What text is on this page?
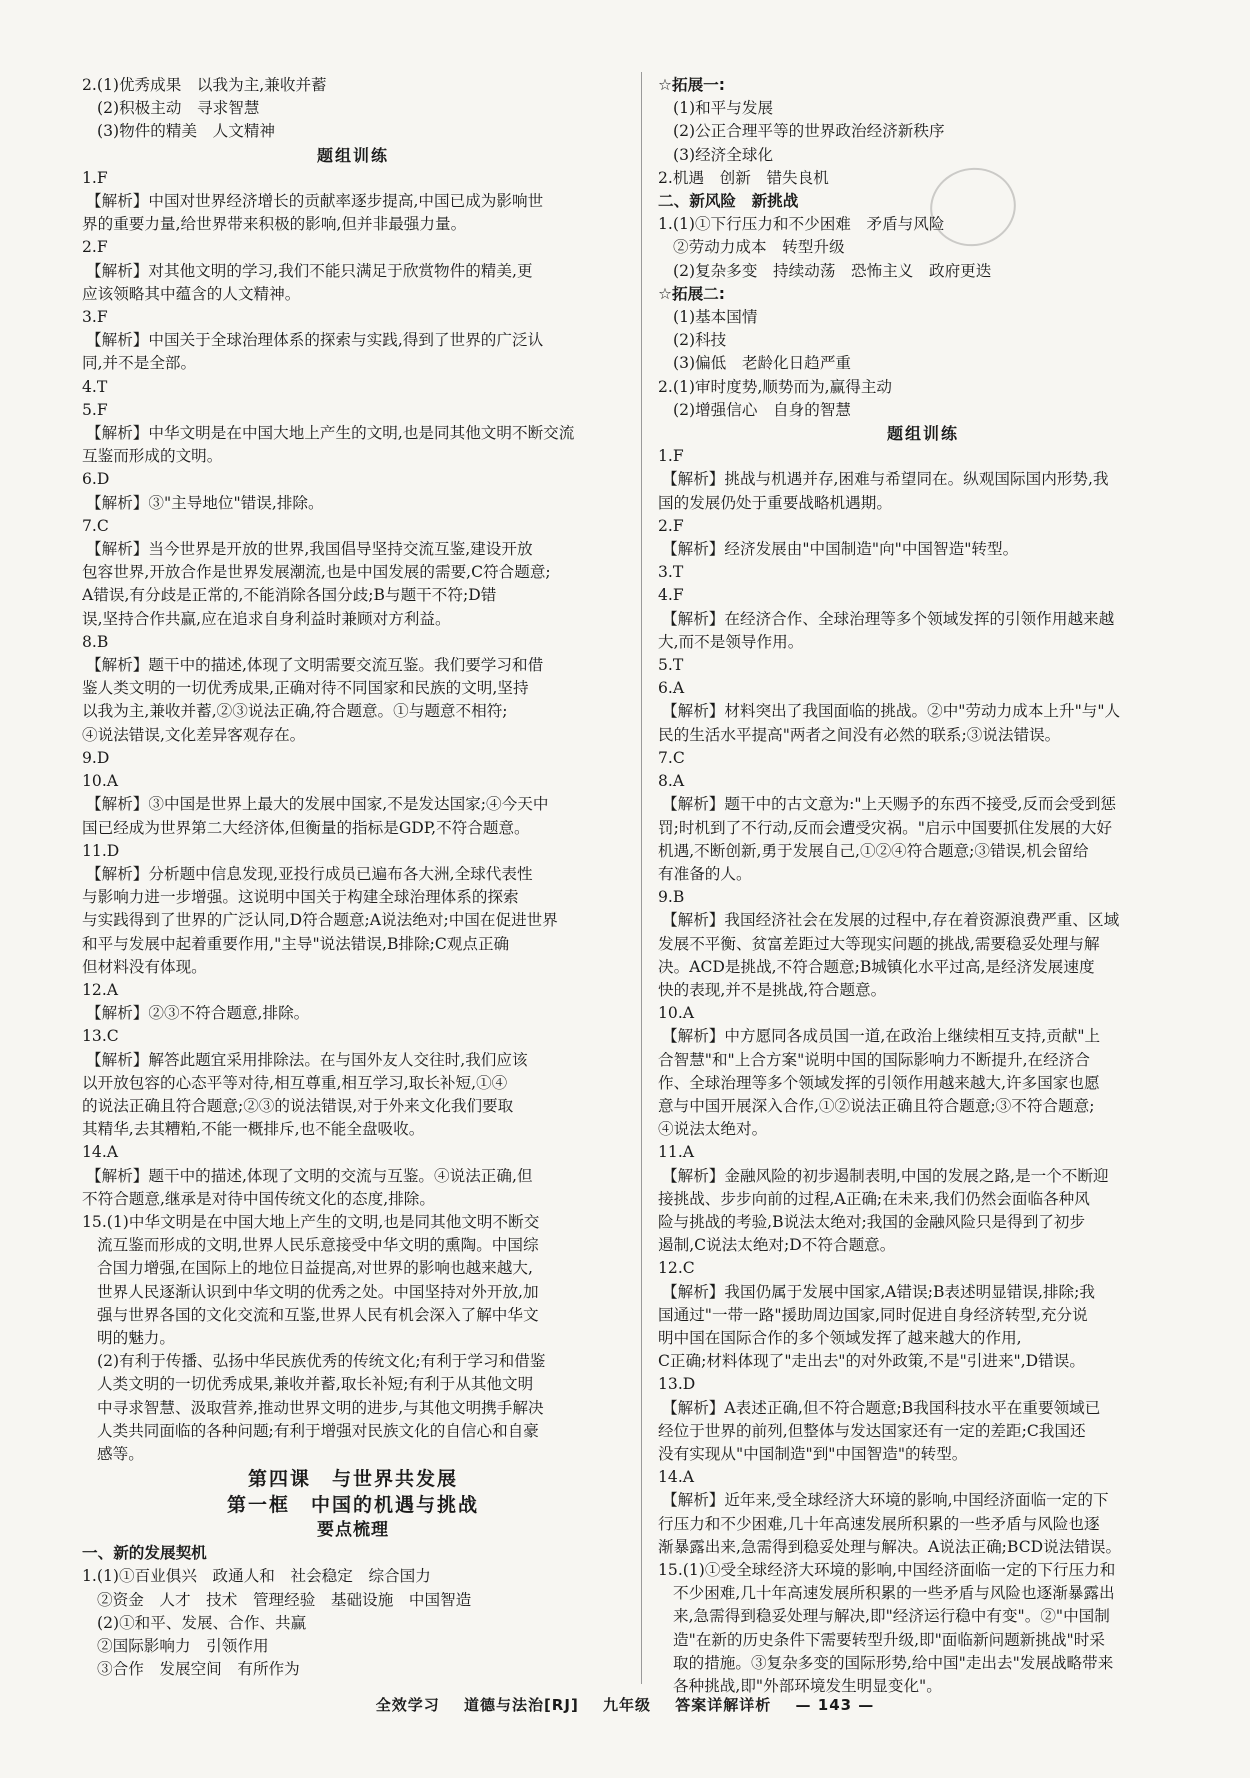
2.(1)优秀成果　以我为主,兼收并蓄
(2)积极主动　寻求智慧
(3)物件的精美　人文精神
题组训练
1.F
【解析】中国对世界经济增长的贡献率逐步提高,中国已成为影响世
界的重要力量,给世界带来积极的影响,但并非最强力量。
2.F
【解析】对其他文明的学习,我们不能只满足于欣赏物件的精美,更
应该领略其中蕴含的人文精神。
3.F
【解析】中国关于全球治理体系的探索与实践,得到了世界的广泛认
同,并不是全部。
4.T
5.F
【解析】中华文明是在中国大地上产生的文明,也是同其他文明不断交流
互鉴而形成的文明。
6.D
【解析】③"主导地位"错误,排除。
7.C
【解析】当今世界是开放的世界,我国倡导坚持交流互鉴,建设开放
包容世界,开放合作是世界发展潮流,也是中国发展的需要,C符合题意;
A错误,有分歧是正常的,不能消除各国分歧;B与题干不符;D错
误,坚持合作共赢,应在追求自身利益时兼顾对方利益。
8.B
【解析】题干中的描述,体现了文明需要交流互鉴。我们要学习和借
鉴人类文明的一切优秀成果,正确对待不同国家和民族的文明,坚持
以我为主,兼收并蓄,②③说法正确,符合题意。①与题意不相符;
④说法错误,文化差异客观存在。
9.D
10.A
【解析】③中国是世界上最大的发展中国家,不是发达国家;④今天中
国已经成为世界第二大经济体,但衡量的指标是GDP,不符合题意。
11.D
【解析】分析题中信息发现,亚投行成员已遍布各大洲,全球代表性
与影响力进一步增强。这说明中国关于构建全球治理体系的探索
与实践得到了世界的广泛认同,D符合题意;A说法绝对;中国在促进世界
和平与发展中起着重要作用,"主导"说法错误,B排除;C观点正确
但材料没有体现。
12.A
【解析】②③不符合题意,排除。
13.C
【解析】解答此题宜采用排除法。在与国外友人交往时,我们应该
以开放包容的心态平等对待,相互尊重,相互学习,取长补短,①④
的说法正确且符合题意;②③的说法错误,对于外来文化我们要取
其精华,去其糟粕,不能一概排斥,也不能全盘吸收。
14.A
【解析】题干中的描述,体现了文明的交流与互鉴。④说法正确,但
不符合题意,继承是对待中国传统文化的态度,排除。
15.(1)中华文明是在中国大地上产生的文明,也是同其他文明不断交
流互鉴而形成的文明,世界人民乐意接受中华文明的熏陶。中国综
合国力增强,在国际上的地位日益提高,对世界的影响也越来越大,
世界人民逐渐认识到中华文明的优秀之处。中国坚持对外开放,加
强与世界各国的文化交流和互鉴,世界人民有机会深入了解中华文
明的魅力。
(2)有利于传播、弘扬中华民族优秀的传统文化;有利于学习和借鉴
人类文明的一切优秀成果,兼收并蓄,取长补短;有利于从其他文明
中寻求智慧、汲取营养,推动世界文明的进步,与其他文明携手解决
人类共同面临的各种问题;有利于增强对民族文化的自信心和自豪
感等。
第四课　与世界共发展
第一框　中国的机遇与挑战
要点梳理
一、新的发展契机
1.(1)①百业俱兴　政通人和　社会稳定　综合国力
②资金　人才　技术　管理经验　基础设施　中国智造
(2)①和平、发展、合作、共赢
②国际影响力　引领作用
③合作　发展空间　有所作为
☆拓展一:
(1)和平与发展
(2)公正合理平等的世界政治经济新秩序
(3)经济全球化
2.机遇　创新　错失良机
二、新风险　新挑战
1.(1)①下行压力和不少困难　矛盾与风险
②劳动力成本　转型升级
(2)复杂多变　持续动荡　恐怖主义　政府更迭
☆拓展二:
(1)基本国情
(2)科技
(3)偏低　老龄化日趋严重
2.(1)审时度势,顺势而为,赢得主动
(2)增强信心　自身的智慧
题组训练
1.F
【解析】挑战与机遇并存,困难与希望同在。纵观国际国内形势,我
国的发展仍处于重要战略机遇期。
2.F
【解析】经济发展由"中国制造"向"中国智造"转型。
3.T
4.F
【解析】在经济合作、全球治理等多个领域发挥的引领作用越来越
大,而不是领导作用。
5.T
6.A
【解析】材料突出了我国面临的挑战。②中"劳动力成本上升"与"人
民的生活水平提高"两者之间没有必然的联系;③说法错误。
7.C
8.A
【解析】题干中的古文意为:"上天赐予的东西不接受,反而会受到惩
罚;时机到了不行动,反而会遭受灾祸。"启示中国要抓住发展的大好
机遇,不断创新,勇于发展自己,①②④符合题意;③错误,机会留给
有准备的人。
9.B
【解析】我国经济社会在发展的过程中,存在着资源浪费严重、区域
发展不平衡、贫富差距过大等现实问题的挑战,需要稳妥处理与解
决。ACD是挑战,不符合题意;B城镇化水平过高,是经济发展速度
快的表现,并不是挑战,符合题意。
10.A
【解析】中方愿同各成员国一道,在政治上继续相互支持,贡献"上
合智慧"和"上合方案"说明中国的国际影响力不断提升,在经济合
作、全球治理等多个领域发挥的引领作用越来越大,许多国家也愿
意与中国开展深入合作,①②说法正确且符合题意;③不符合题意;
④说法太绝对。
11.A
【解析】金融风险的初步遏制表明,中国的发展之路,是一个不断迎
接挑战、步步向前的过程,A正确;在未来,我们仍然会面临各种风
险与挑战的考验,B说法太绝对;我国的金融风险只是得到了初步
遏制,C说法太绝对;D不符合题意。
12.C
【解析】我国仍属于发展中国家,A错误;B表述明显错误,排除;我
国通过"一带一路"援助周边国家,同时促进自身经济转型,充分说
明中国在国际合作的多个领域发挥了越来越大的作用,
C正确;材料体现了"走出去"的对外政策,不是"引进来",D错误。
13.D
【解析】A表述正确,但不符合题意;B我国科技水平在重要领域已
经位于世界的前列,但整体与发达国家还有一定的差距;C我国还
没有实现从"中国制造"到"中国智造"的转型。
14.A
【解析】近年来,受全球经济大环境的影响,中国经济面临一定的下
行压力和不少困难,几十年高速发展所积累的一些矛盾与风险也逐
渐暴露出来,急需得到稳妥处理与解决。A说法正确;BCD说法错误。
15.(1)①受全球经济大环境的影响,中国经济面临一定的下行压力和
不少困难,几十年高速发展所积累的一些矛盾与风险也逐渐暴露出
来,急需得到稳妥处理与解决,即"经济运行稳中有变"。②"中国制
造"在新的历史条件下需要转型升级,即"面临新问题新挑战"时采
取的措施。③复杂多变的国际形势,给中国"走出去"发展战略带来
各种挑战,即"外部环境发生明显变化"。
全效学习 道德与法治[RJ] 九年级 答案详解详析 — 143 —
